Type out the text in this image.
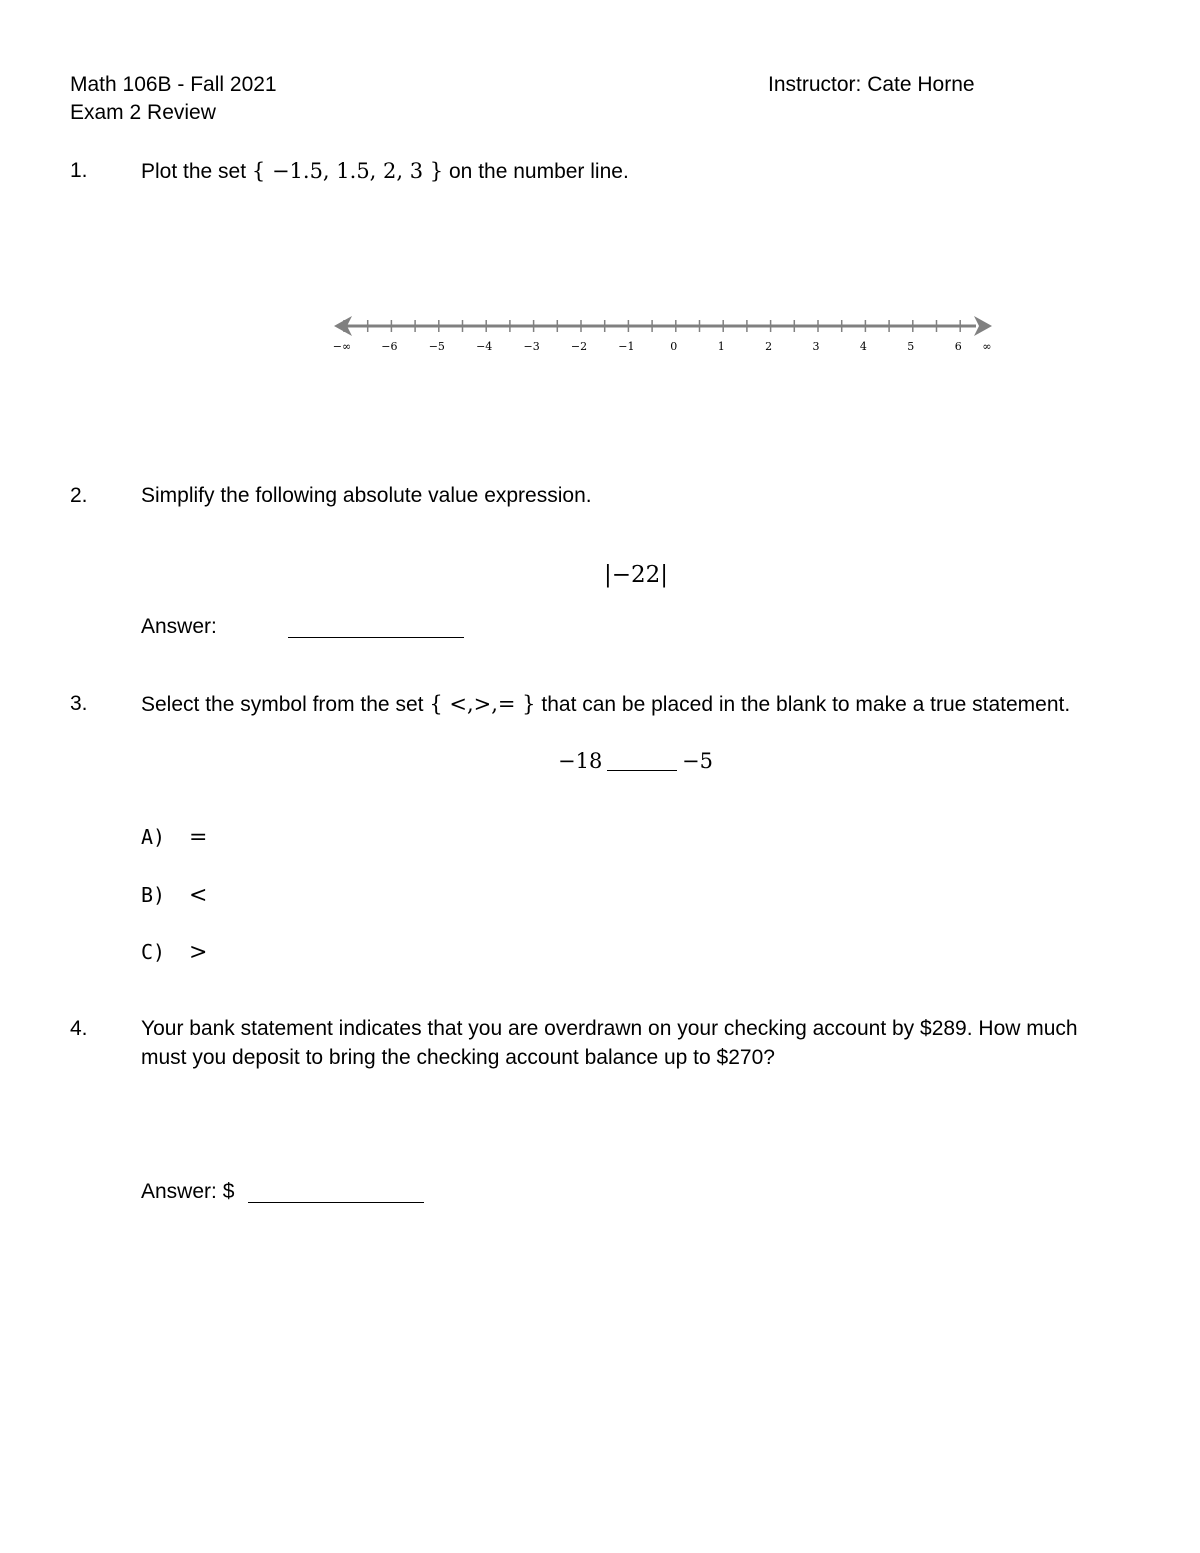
Math 106B - Fall 2021
Exam 2 Review
Instructor: Cate Horne
1.	Plot the set { −1.5, 1.5, 2, 3 } on the number line.
−∞	−6	−5	−4	−3	−2	−1	0	1	2	3	4	5	6 ∞
2.	Simplify the following absolute value expression.
|−22|
Answer:
3.	Select the symbol from the set { <,>,= } that can be placed in the blank to make a true statement.
−18	−5
A) =
B) <
C) >
4.	Your bank statement indicates that you are overdrawn on your checking account by $289. How much
must you deposit to bring the checking account balance up to $270?
Answer: $
